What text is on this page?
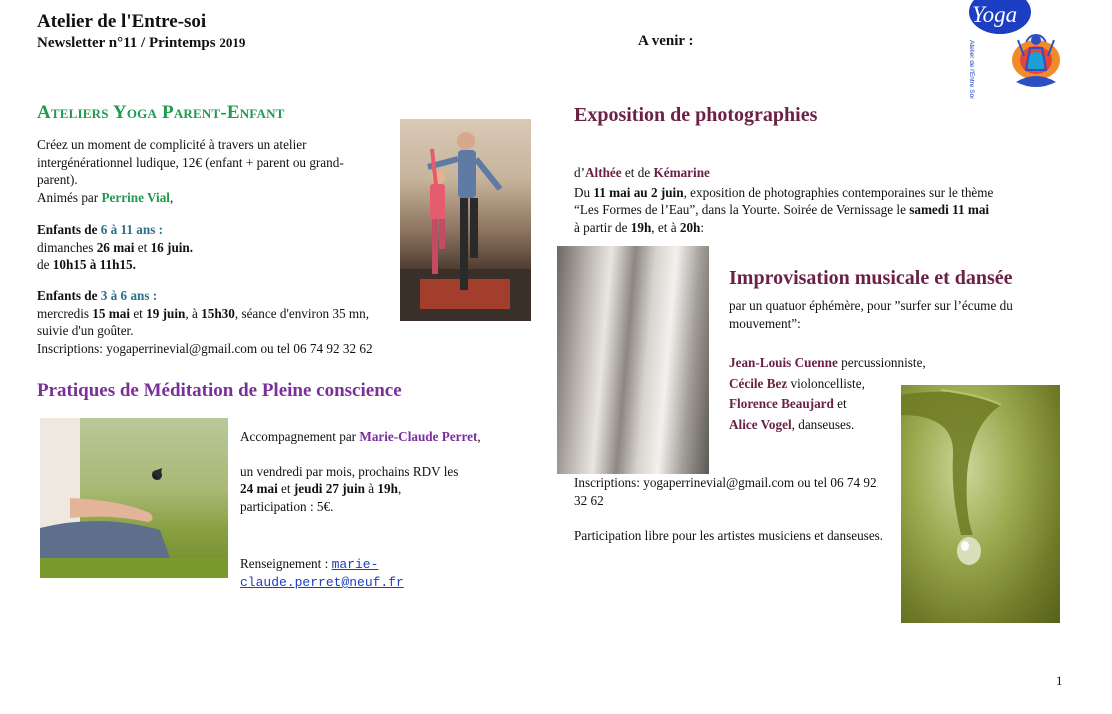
Atelier de l'Entre-soi
Newsletter n°11 / Printemps 2019	A venir :
Yoga
Atelier de l'Entre Soi
Ateliers Yoga Parent-Enfant
Créez un moment de complicité à travers un atelier intergénérationnel ludique, 12€ (enfant + parent ou grand-parent).
Animés par Perrine Vial,
Enfants de 6 à 11 ans :
dimanches 26 mai et 16 juin.
de 10h15 à 11h15.
Enfants de 3 à 6 ans :
mercredis 15 mai et 19 juin, à 15h30, séance d'environ 35 mn, suivie d'un goûter.
Inscriptions: yogaperrinevial@gmail.com ou tel 06 74 92 32 62
Pratiques de Méditation de Pleine conscience
Accompagnement par Marie-Claude Perret,
un vendredi par mois, prochains RDV les
24 mai et jeudi 27 juin à 19h,
participation : 5€.
Renseignement : marie-
claude.perret@neuf.fr
Exposition de photographies
d’Althée et de Kémarine
Du 11 mai au 2 juin, exposition de photographies contemporaines sur le thème
“Les Formes de l’Eau”, dans la Yourte. Soirée de Vernissage le samedi 11 mai
à partir de 19h, et à 20h:
Improvisation musicale et dansée
par un quatuor éphémère, pour ”surfer sur l’écume du mouvement”:
Jean-Louis Cuenne percussionniste,
Cécile Bez violoncelliste,
Florence Beaujard et
Alice Vogel, danseuses.
Inscriptions: yogaperrinevial@gmail.com ou tel 06 74 92 32 62
Participation libre pour les artistes musiciens et danseuses.
1
